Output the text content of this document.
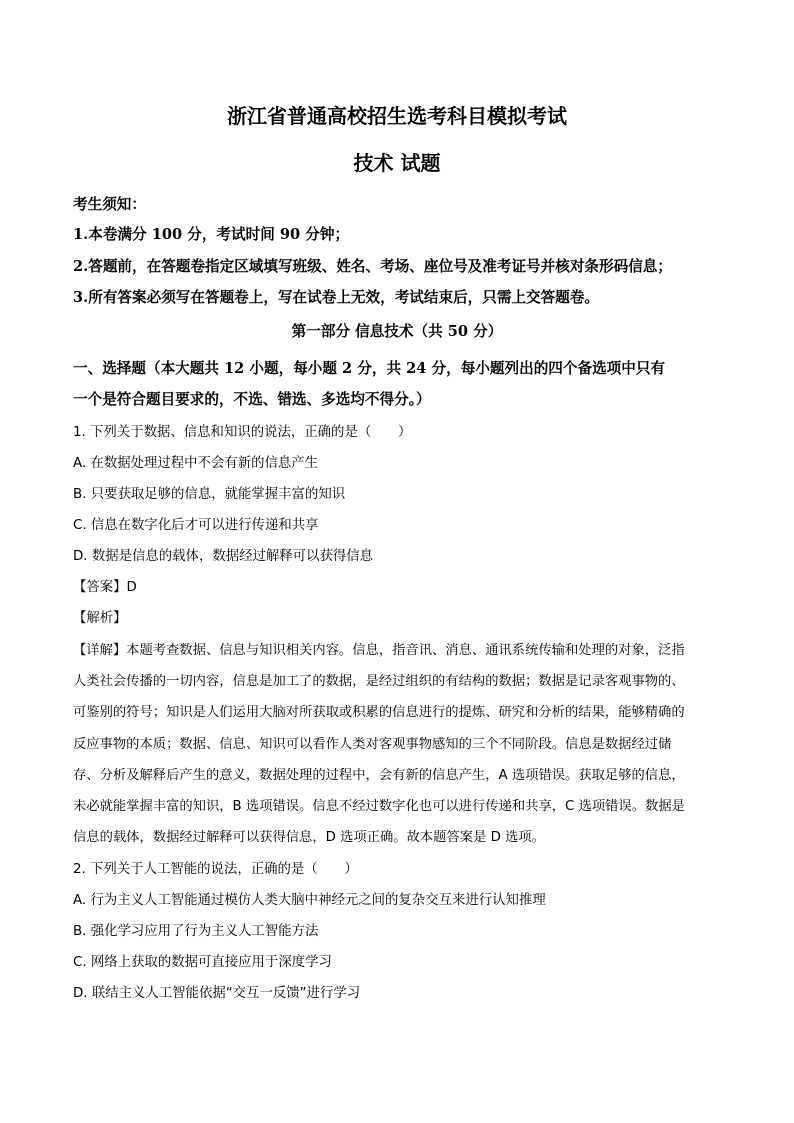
浙江省普通高校招生选考科目模拟考试
技术 试题
考生须知：
1.本卷满分 100 分，考试时间 90 分钟；
2.答题前，在答题卷指定区域填写班级、姓名、考场、座位号及准考证号并核对条形码信息；
3.所有答案必须写在答题卷上，写在试卷上无效，考试结束后，只需上交答题卷。
第一部分 信息技术（共 50 分）
一、选择题（本大题共 12 小题，每小题 2 分，共 24 分，每小题列出的四个备选项中只有
一个是符合题目要求的，不选、错选、多选均不得分。）
1. 下列关于数据、信息和知识的说法，正确的是（　　）
A. 在数据处理过程中不会有新的信息产生
B. 只要获取足够的信息，就能掌握丰富的知识
C. 信息在数字化后才可以进行传递和共享
D. 数据是信息的载体，数据经过解释可以获得信息
【答案】D
【解析】
【详解】本题考查数据、信息与知识相关内容。信息，指音讯、消息、通讯系统传输和处理的对象，泛指
人类社会传播的一切内容，信息是加工了的数据，是经过组织的有结构的数据；数据是记录客观事物的、
可鉴别的符号；知识是人们运用大脑对所获取或积累的信息进行的提炼、研究和分析的结果，能够精确的
反应事物的本质；数据、信息、知识可以看作人类对客观事物感知的三个不同阶段。信息是数据经过储
存、分析及解释后产生的意义，数据处理的过程中，会有新的信息产生，A 选项错误。获取足够的信息，
未必就能掌握丰富的知识，B 选项错误。信息不经过数字化也可以进行传递和共享，C 选项错误。数据是
信息的载体，数据经过解释可以获得信息，D 选项正确。故本题答案是 D 选项。
2. 下列关于人工智能的说法，正确的是（　　）
A. 行为主义人工智能通过模仿人类大脑中神经元之间的复杂交互来进行认知推理
B. 强化学习应用了行为主义人工智能方法
C. 网络上获取的数据可直接应用于深度学习
D. 联结主义人工智能依据“交互一反馈”进行学习
